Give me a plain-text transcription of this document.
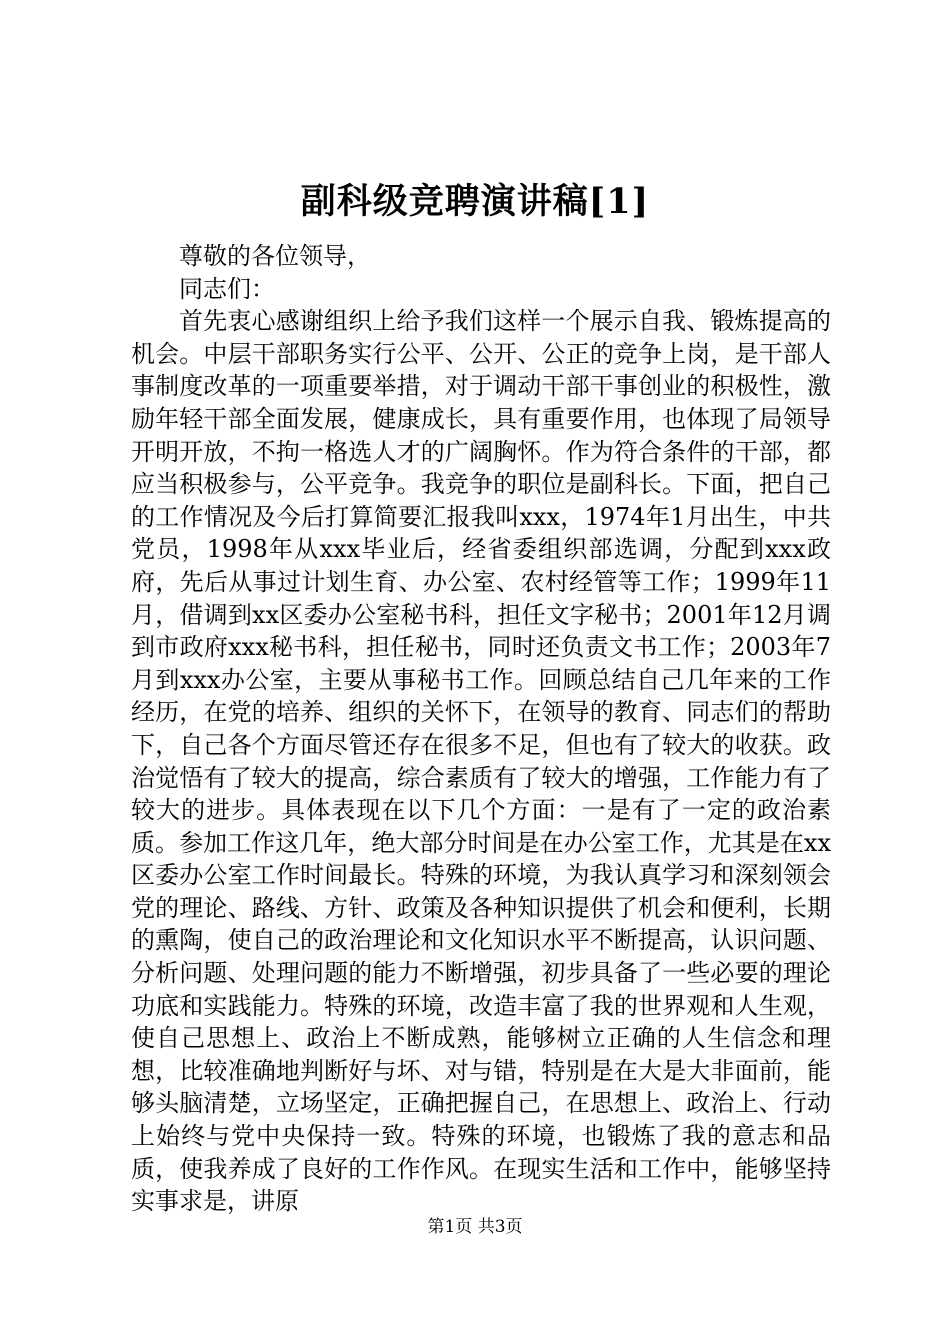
副科级竞聘演讲稿[1]

尊敬的各位领导，

同志们：

首先衷心感谢组织上给予我们这样一个展示自我、锻炼提高的机会。中层干部职务实行公平、公开、公正的竞争上岗，是干部人事制度改革的一项重要举措，对于调动干部干事创业的积极性，激励年轻干部全面发展，健康成长，具有重要作用，也体现了局领导开明开放，不拘一格选人才的广阔胸怀。作为符合条件的干部，都应当积极参与，公平竞争。我竞争的职位是副科长。下面，把自己的工作情况及今后打算简要汇报我叫xxx，1974年1月出生，中共党员，1998年从xxx毕业后，经省委组织部选调，分配到xxx政府，先后从事过计划生育、办公室、农村经管等工作；1999年11月，借调到xx区委办公室秘书科，担任文字秘书；2001年12月调到市政府xxx秘书科，担任秘书，同时还负责文书工作；2003年7月到xxx办公室，主要从事秘书工作。回顾总结自己几年来的工作经历，在党的培养、组织的关怀下，在领导的教育、同志们的帮助下，自己各个方面尽管还存在很多不足，但也有了较大的收获。政治觉悟有了较大的提高，综合素质有了较大的增强，工作能力有了较大的进步。具体表现在以下几个方面：一是有了一定的政治素质。参加工作这几年，绝大部分时间是在办公室工作，尤其是在xx区委办公室工作时间最长。特殊的环境，为我认真学习和深刻领会党的理论、路线、方针、政策及各种知识提供了机会和便利，长期的熏陶，使自己的政治理论和文化知识水平不断提高，认识问题、分析问题、处理问题的能力不断增强，初步具备了一些必要的理论功底和实践能力。特殊的环境，改造丰富了我的世界观和人生观，使自己思想上、政治上不断成熟，能够树立正确的人生信念和理想，比较准确地判断好与坏、对与错，特别是在大是大非面前，能够头脑清楚，立场坚定，正确把握自己，在思想上、政治上、行动上始终与党中央保持一致。特殊的环境，也锻炼了我的意志和品质，使我养成了良好的工作作风。在现实生活和工作中，能够坚持实事求是，讲原

第1页 共3页
